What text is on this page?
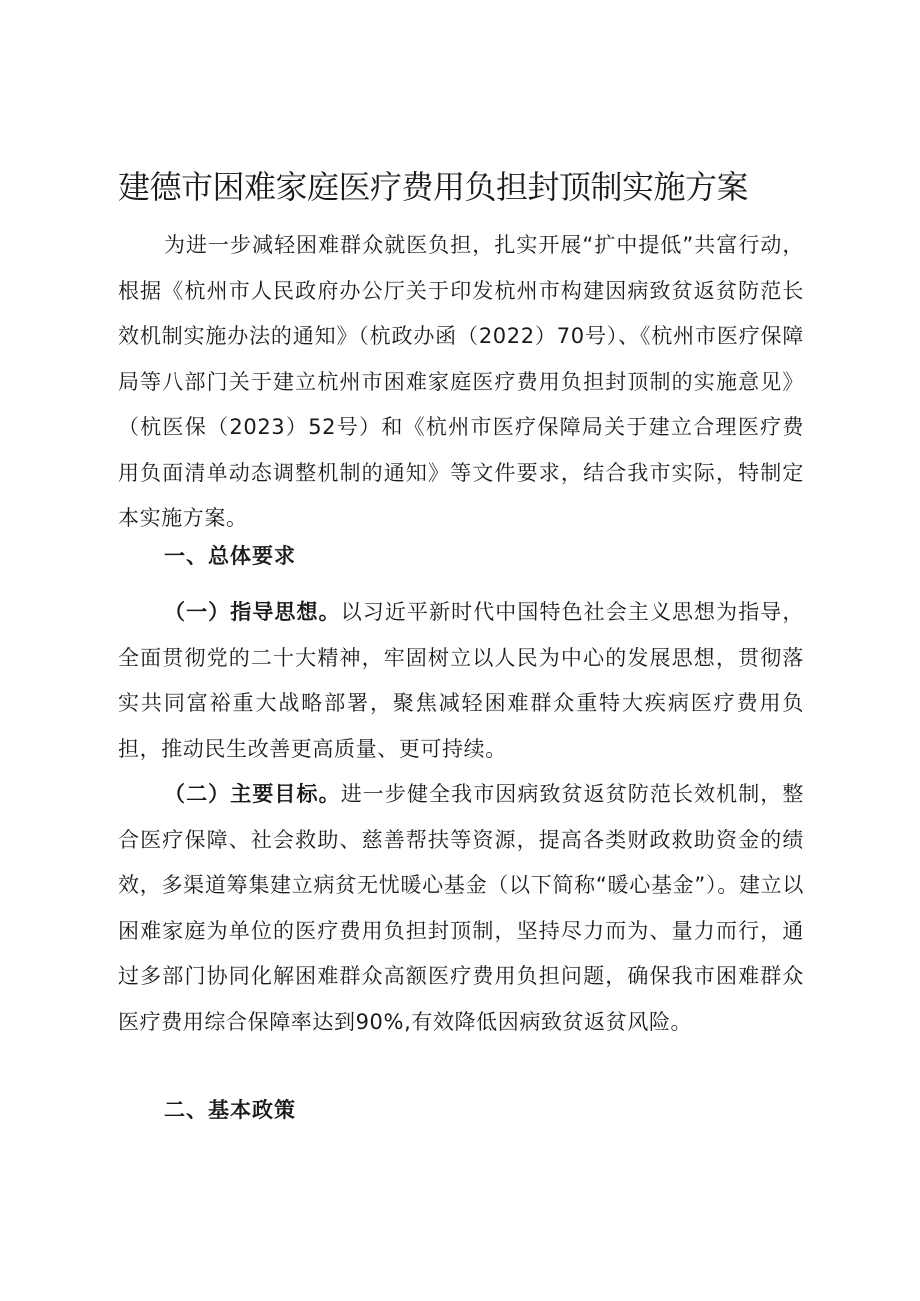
建德市困难家庭医疗费用负担封顶制实施方案

为进一步减轻困难群众就医负担，扎实开展“扩中提低”共富行动，根据《杭州市人民政府办公厅关于印发杭州市构建因病致贫返贫防范长效机制实施办法的通知》（杭政办函（2022）70号）、《杭州市医疗保障局等八部门关于建立杭州市困难家庭医疗费用负担封顶制的实施意见》（杭医保（2023）52号）和《杭州市医疗保障局关于建立合理医疗费用负面清单动态调整机制的通知》等文件要求，结合我市实际，特制定本实施方案。

一、总体要求

（一）指导思想。以习近平新时代中国特色社会主义思想为指导，全面贯彻党的二十大精神，牢固树立以人民为中心的发展思想，贯彻落实共同富裕重大战略部署，聚焦减轻困难群众重特大疾病医疗费用负担，推动民生改善更高质量、更可持续。

（二）主要目标。进一步健全我市因病致贫返贫防范长效机制，整合医疗保障、社会救助、慈善帮扶等资源，提高各类财政救助资金的绩效，多渠道筹集建立病贫无忧暖心基金（以下简称“暖心基金”）。建立以困难家庭为单位的医疗费用负担封顶制，坚持尽力而为、量力而行，通过多部门协同化解困难群众高额医疗费用负担问题，确保我市困难群众医疗费用综合保障率达到90%,有效降低因病致贫返贫风险。

二、基本政策
